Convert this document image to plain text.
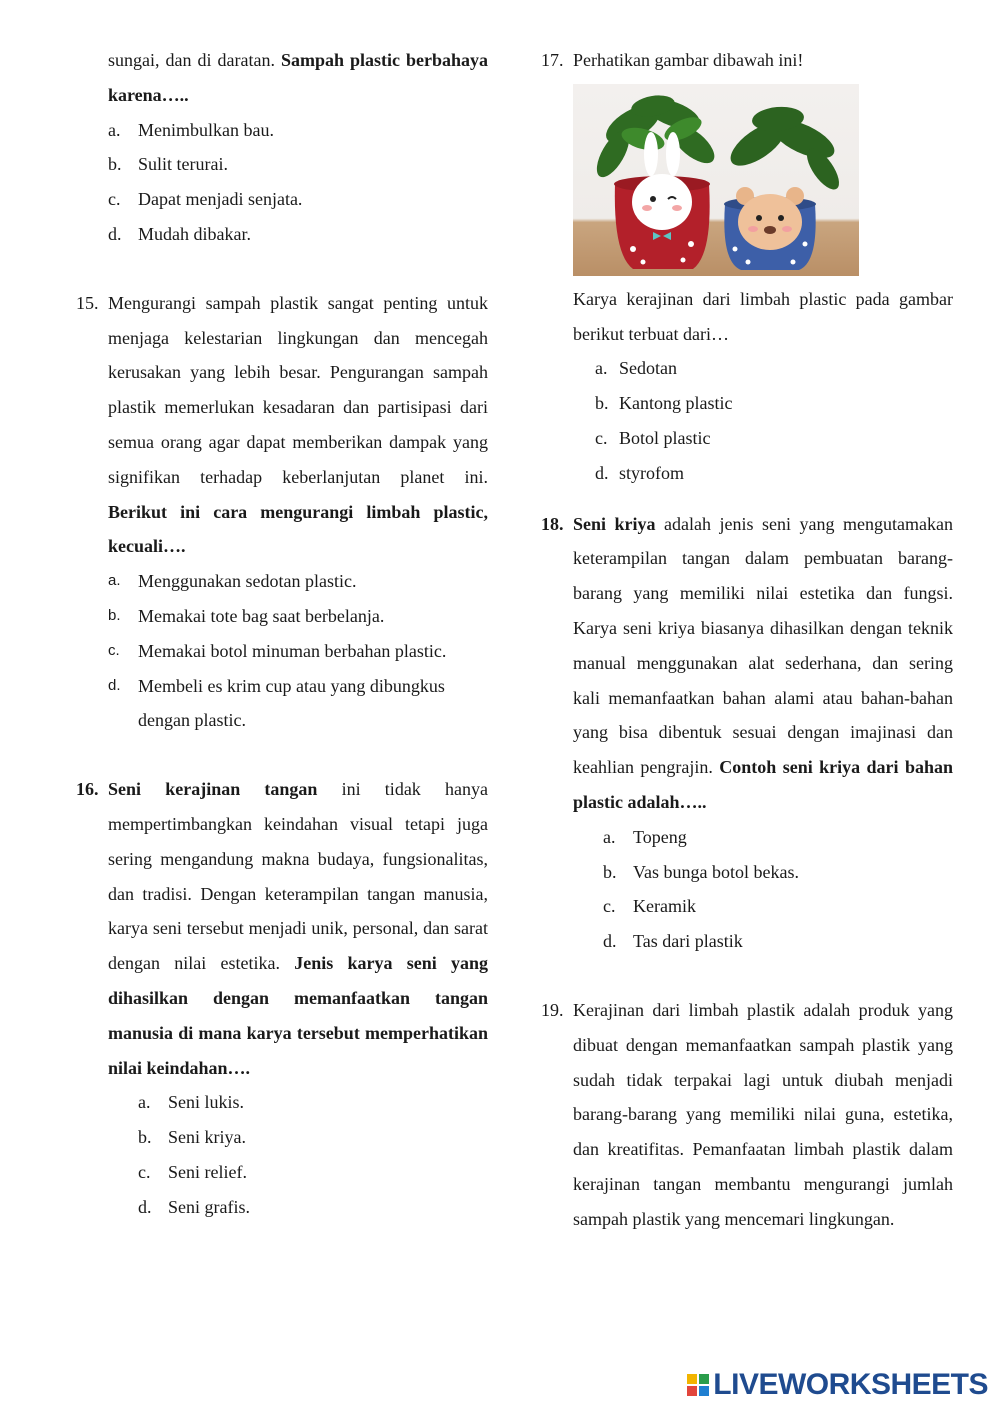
sungai, dan di daratan. Sampah plastic berbahaya karena…..

a. Menimbulkan bau.
b. Sulit terurai.
c. Dapat menjadi senjata.
d. Mudah dibakar.

15. Mengurangi sampah plastik sangat penting untuk menjaga kelestarian lingkungan dan mencegah kerusakan yang lebih besar. Pengurangan sampah plastik memerlukan kesadaran dan partisipasi dari semua orang agar dapat memberikan dampak yang signifikan terhadap keberlanjutan planet ini. Berikut ini cara mengurangi limbah plastic, kecuali….

a. Menggunakan sedotan plastic.
b. Memakai tote bag saat berbelanja.
c.	Memakai botol minuman berbahan plastic.
d. Membeli es krim cup atau yang dibungkus dengan plastic.

16. Seni kerajinan tangan ini tidak hanya mempertimbangkan keindahan visual tetapi juga sering mengandung makna budaya, fungsionalitas, dan tradisi. Dengan keterampilan tangan manusia, karya seni tersebut menjadi unik, personal, dan sarat dengan nilai estetika. Jenis karya seni yang dihasilkan dengan memanfaatkan tangan manusia di mana karya tersebut memperhatikan nilai keindahan….

a. Seni lukis.
b. Seni kriya.
c. Seni relief.
d. Seni grafis.

17. Perhatikan gambar dibawah ini!

Karya kerajinan dari limbah plastic pada gambar berikut terbuat dari…

a. Sedotan
b. Kantong plastic
c. Botol plastic
d. styrofom

18. Seni kriya adalah jenis seni yang mengutamakan keterampilan tangan dalam pembuatan barang-barang yang memiliki nilai estetika dan fungsi. Karya seni kriya biasanya dihasilkan dengan teknik manual menggunakan alat sederhana, dan sering kali memanfaatkan bahan alami atau bahan-bahan yang bisa dibentuk sesuai dengan imajinasi dan keahlian pengrajin. Contoh seni kriya dari bahan plastic adalah…..

a. Topeng
b. Vas bunga botol bekas.
c. Keramik
d. Tas dari plastik

19. Kerajinan dari limbah plastik adalah produk yang dibuat dengan memanfaatkan sampah plastik yang sudah tidak terpakai lagi untuk diubah menjadi barang-barang yang memiliki nilai guna, estetika, dan kreatifitas. Pemanfaatan limbah plastik dalam kerajinan tangan membantu mengurangi jumlah sampah plastik yang mencemari lingkungan.

LIVEWORKSHEETS
